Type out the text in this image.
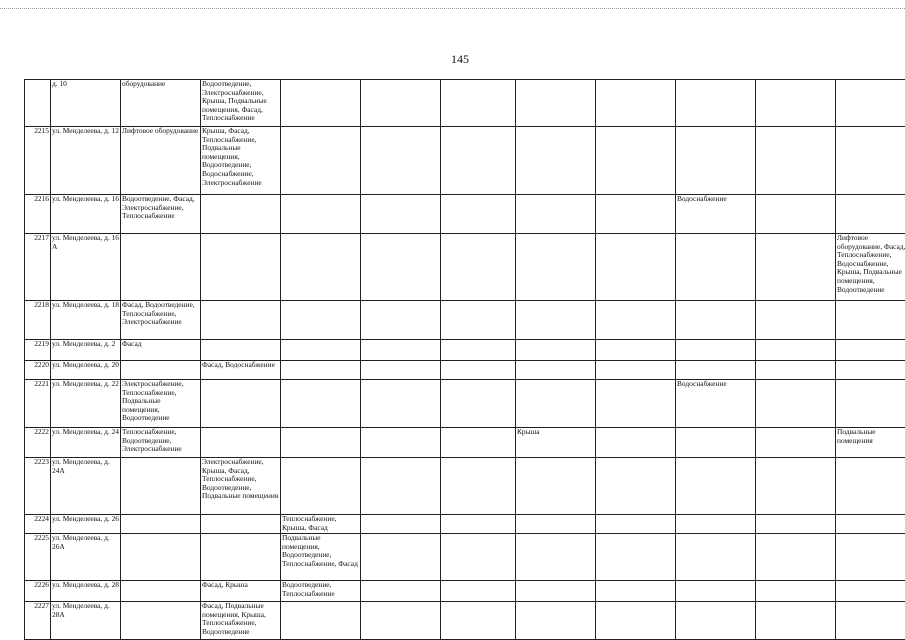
145
	д. 10	оборудование	Водоотведение, Электроснабжение, Крыша, Подвальные помещения, Фасад, Теплоснабжение									
2215	ул. Менделеева, д. 12	Лифтовое оборудование	Крыша, Фасад, Теплоснабжение, Подвальные помещения, Водоотведение, Водоснабжение, Электроснабжение									
2216	ул. Менделеева, д. 16	Водоотведение, Фасад, Электроснабжение, Теплоснабжение							Водоснабжение			
2217	ул. Менделеева, д. 16 А										Лифтовое оборудование, Фасад, Теплоснабжение, Водоснабжение, Крыша, Подвальные помещения, Водоотведение	
2218	ул. Менделеева, д. 18	Фасад, Водоотведение, Теплоснабжение, Электроснабжение										
2219	ул. Менделеева, д. 2	Фасад										
2220	ул. Менделеева, д. 20		Фасад, Водоснабжение									
2221	ул. Менделеева, д. 22	Электроснабжение, Теплоснабжение, Подвальные помещения, Водоотведение							Водоснабжение			
2222	ул. Менделеева, д. 24	Теплоснабжение, Водоотведение, Электроснабжение					Крыша				Подвальные помещения	
2223	ул. Менделеева, д. 24А		Электроснабжение, Крыша, Фасад, Теплоснабжение, Водоотведение, Подвальные помещения									
2224	ул. Менделеева, д. 26			Теплоснабжение, Крыша, Фасад								
2225	ул. Менделеева, д. 26А			Подвальные помещения, Водоотведение, Теплоснабжение, Фасад								
2226	ул. Менделеева, д. 28		Фасад, Крыша	Водоотведение, Теплоснабжение								
2227	ул. Менделеева, д. 28А		Фасад, Подвальные помещения, Крыша, Теплоснабжение, Водоотведение									
